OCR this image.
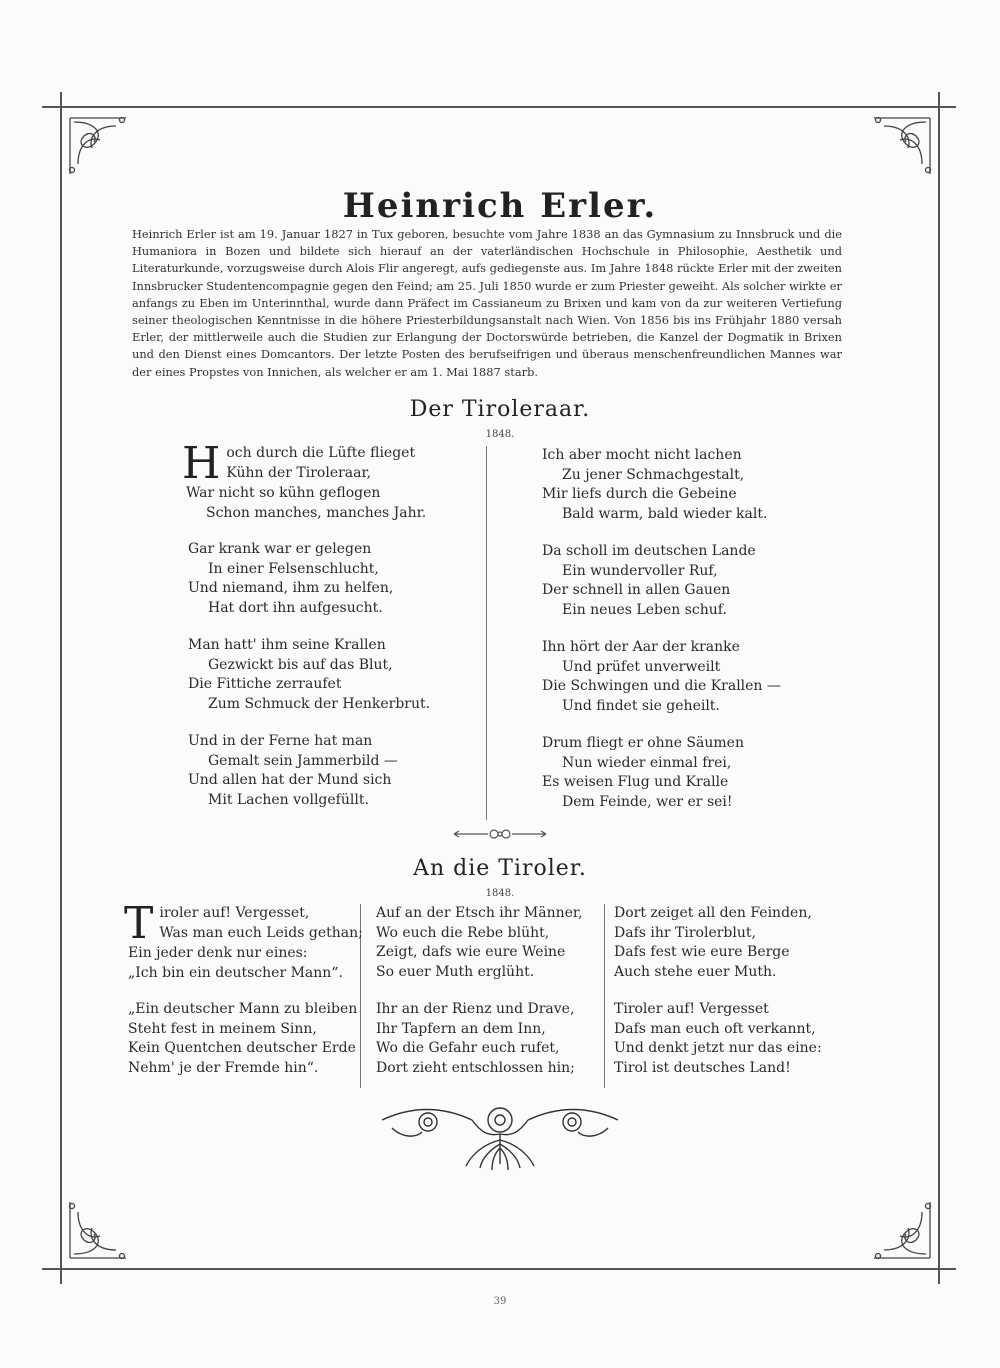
Heinrich Erler.

Heinrich Erler ist am 19. Januar 1827 in Tux geboren, besuchte vom Jahre 1838 an das Gymnasium zu Innsbruck und die Humaniora in Bozen und bildete sich hierauf an der vaterländischen Hochschule in Philosophie, Aesthetik und Literaturkunde, vorzugsweise durch Alois Flir angeregt, aufs gediegenste aus. Im Jahre 1848 rückte Erler mit der zweiten Innsbrucker Studentencompagnie gegen den Feind; am 25. Juli 1850 wurde er zum Priester geweiht. Als solcher wirkte er anfangs zu Eben im Unterinnthal, wurde dann Präfect im Cassianeum zu Brixen und kam von da zur weiteren Vertiefung seiner theologischen Kenntnisse in die höhere Priesterbildungsanstalt nach Wien. Von 1856 bis ins Frühjahr 1880 versah Erler, der mittlerweile auch die Studien zur Erlangung der Doctorswürde betrieben, die Kanzel der Dogmatik in Brixen und den Dienst eines Domcantors. Der letzte Posten des berufseifrigen und überaus menschenfreundlichen Mannes war der eines Propstes von Innichen, als welcher er am 1. Mai 1887 starb.

Der Tiroleraar.
1848.
H och durch die Lüfte flieget
Kühn der Tiroleraar,
War nicht so kühn geflogen
Schon manches, manches Jahr.
Gar krank war er gelegen
In einer Felsenschlucht,
Und niemand, ihm zu helfen,
Hat dort ihn aufgesucht.
Man hatt' ihm seine Krallen
Gezwickt bis auf das Blut,
Die Fittiche zerraufet
Zum Schmuck der Henkerbrut.
Und in der Ferne hat man
Gemalt sein Jammerbild —
Und allen hat der Mund sich
Mit Lachen vollgefüllt.
Ich aber mocht nicht lachen
Zu jener Schmachgestalt,
Mir liefs durch die Gebeine
Bald warm, bald wieder kalt.
Da scholl im deutschen Lande
Ein wundervoller Ruf,
Der schnell in allen Gauen
Ein neues Leben schuf.
Ihn hört der Aar der kranke
Und prüfet unverweilt
Die Schwingen und die Krallen —
Und findet sie geheilt.
Drum fliegt er ohne Säumen
Nun wieder einmal frei,
Es weisen Flug und Kralle
Dem Feinde, wer er sei!
An die Tiroler.
1848.
T iroler auf! Vergesset,
Was man euch Leids gethan;
Ein jeder denk nur eines:
„Ich bin ein deutscher Mann“.
„Ein deutscher Mann zu bleiben
Steht fest in meinem Sinn,
Kein Quentchen deutscher Erde
Nehm' je der Fremde hin“.
Auf an der Etsch ihr Männer,
Wo euch die Rebe blüht,
Zeigt, dafs wie eure Weine
So euer Muth erglüht.
Ihr an der Rienz und Drave,
Ihr Tapfern an dem Inn,
Wo die Gefahr euch rufet,
Dort zieht entschlossen hin;
Dort zeiget all den Feinden,
Dafs ihr Tirolerblut,
Dafs fest wie eure Berge
Auch stehe euer Muth.
Tiroler auf! Vergesset
Dafs man euch oft verkannt,
Und denkt jetzt nur das eine:
Tirol ist deutsches Land!
39
